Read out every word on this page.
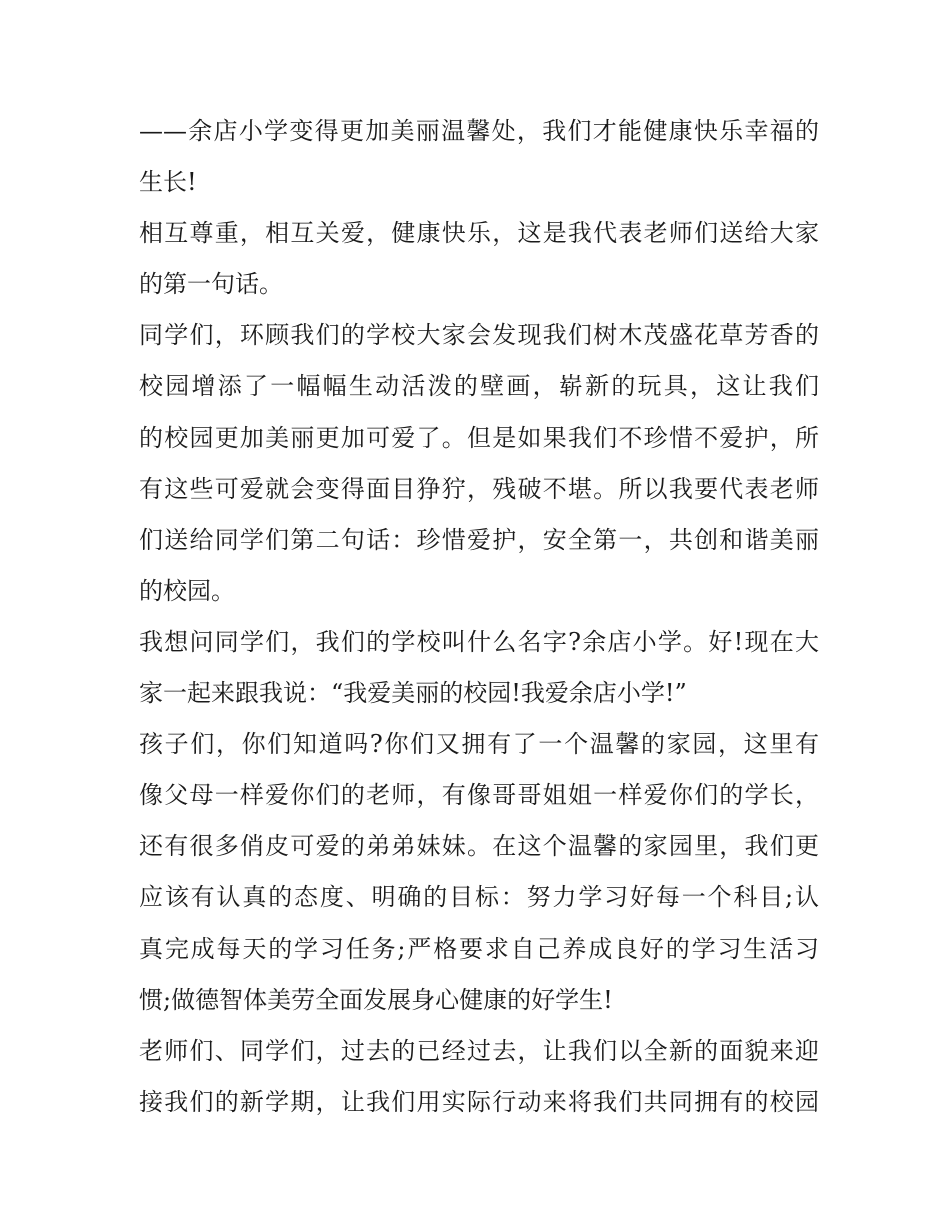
——余店小学变得更加美丽温馨处，我们才能健康快乐幸福的
生长!
相互尊重，相互关爱，健康快乐，这是我代表老师们送给大家
的第一句话。
同学们，环顾我们的学校大家会发现我们树木茂盛花草芳香的
校园增添了一幅幅生动活泼的壁画，崭新的玩具，这让我们
的校园更加美丽更加可爱了。但是如果我们不珍惜不爱护，所
有这些可爱就会变得面目狰狞，残破不堪。所以我要代表老师
们送给同学们第二句话：珍惜爱护，安全第一，共创和谐美丽
的校园。
我想问同学们，我们的学校叫什么名字?余店小学。好!现在大
家一起来跟我说：“我爱美丽的校园!我爱余店小学!”
孩子们，你们知道吗?你们又拥有了一个温馨的家园，这里有
像父母一样爱你们的老师，有像哥哥姐姐一样爱你们的学长，
还有很多俏皮可爱的弟弟妹妹。在这个温馨的家园里，我们更
应该有认真的态度、明确的目标：努力学习好每一个科目;认
真完成每天的学习任务;严格要求自己养成良好的学习生活习
惯;做德智体美劳全面发展身心健康的好学生!
老师们、同学们，过去的已经过去，让我们以全新的面貌来迎
接我们的新学期，让我们用实际行动来将我们共同拥有的校园
